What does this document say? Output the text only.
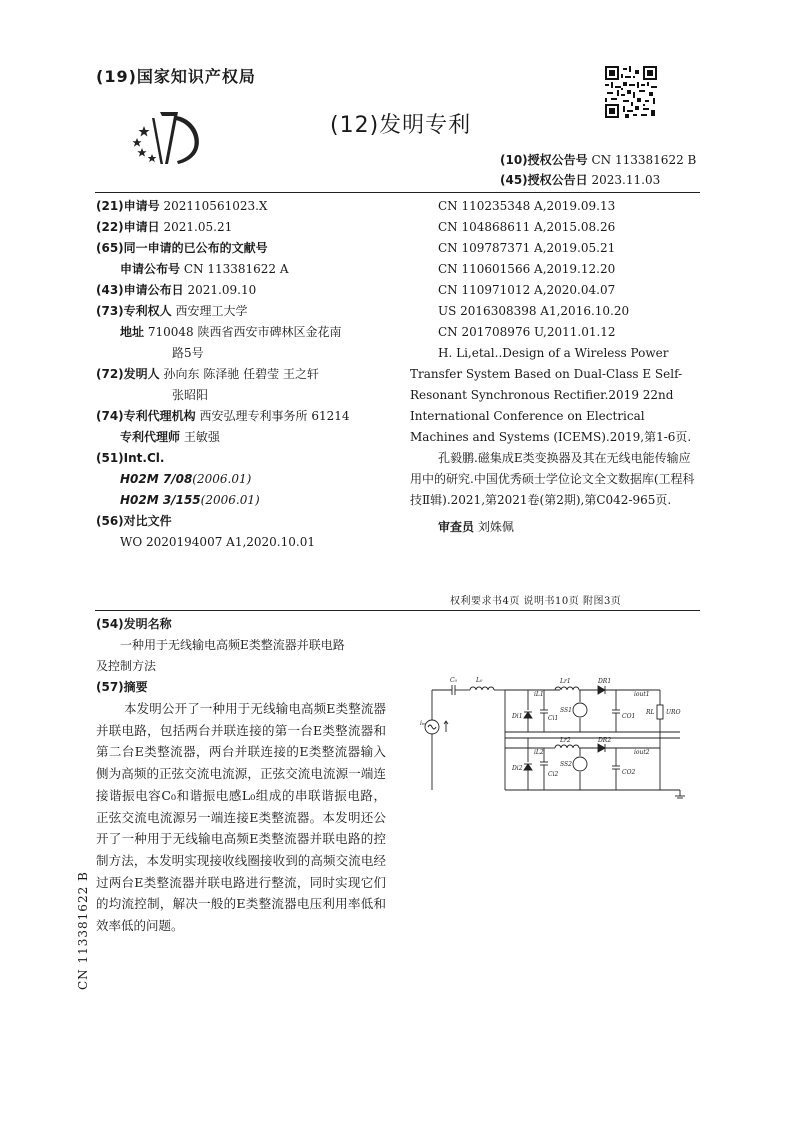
(19)国家知识产权局
(12)发明专利
(10)授权公告号 CN 113381622 B
(45)授权公告日 2023.11.03
(21)申请号 202110561023.X
(22)申请日 2021.05.21
(65)同一申请的已公布的文献号
申请公布号 CN 113381622 A
(43)申请公布日 2021.09.10
(73)专利权人 西安理工大学
地址 710048 陕西省西安市碑林区金花南
路5号
(72)发明人 孙向东 陈泽驰 任碧莹 王之轩
张昭阳
(74)专利代理机构 西安弘理专利事务所 61214
专利代理师 王敏强
(51)Int.Cl.
H02M 7/08(2006.01)
H02M 3/155(2006.01)
(56)对比文件
WO 2020194007 A1,2020.10.01
CN 110235348 A,2019.09.13
CN 104868611 A,2015.08.26
CN 109787371 A,2019.05.21
CN 110601566 A,2019.12.20
CN 110971012 A,2020.04.07
US 2016308398 A1,2016.10.20
CN 201708976 U,2011.01.12
H. Li,etal..Design of a Wireless Power Transfer System Based on Dual-Class E Self-Resonant Synchronous Rectifier.2019 22nd International Conference on Electrical Machines and Systems (ICEMS).2019,第1-6页.
孔毅鹏.磁集成E类变换器及其在无线电能传输应用中的研究.中国优秀硕士学位论文全文数据库(工程科技Ⅱ辑).2021,第2021卷(第2期),第C042-965页.
审查员 刘姝佩
权利要求书4页 说明书10页 附图3页
(54)发明名称
一种用于无线输电高频E类整流器并联电路
及控制方法
(57)摘要

本发明公开了一种用于无线输电高频E类整流器并联电路，包括两台并联连接的第一台E类整流器和第二台E类整流器，两台并联连接的E类整流器输入侧为高频的正弦交流电流源，正弦交流电流源一端连接谐振电容C₀和谐振电感L₀组成的串联谐振电路，正弦交流电流源另一端连接E类整流器。本发明还公开了一种用于无线输电高频E类整流器并联电路的控制方法，本发明实现接收线圈接收到的高频交流电经过两台E类整流器并联电路进行整流，同时实现它们的均流控制，解决一般的E类整流器电压利用率低和效率低的问题。

C₀	L₀
iᵢₙ
iL1
Lr1	DR1
iout1
Di1	Ci1
SS1
CO1
RL URO
iL2
Lr2	DR2
iout2
Di2
Ci2
SS2
CO2
CN 113381622 B
